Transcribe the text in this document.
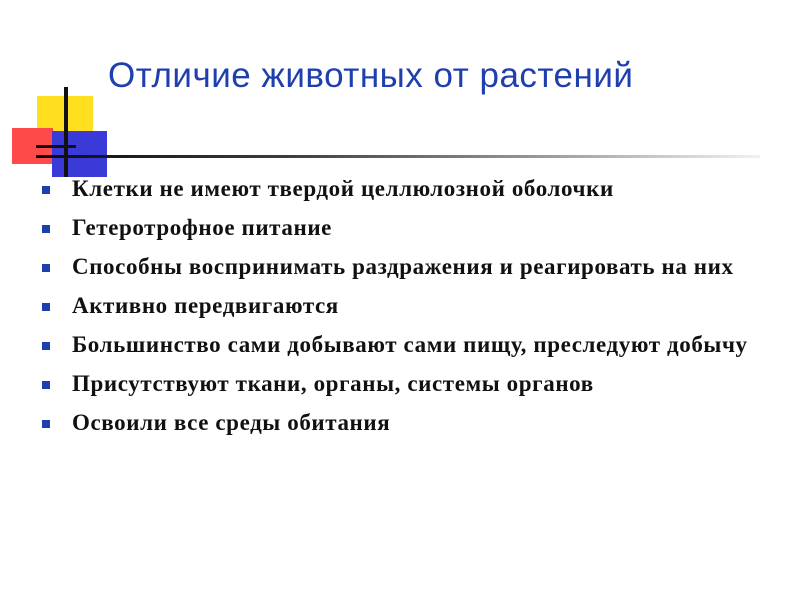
Отличие животных от растений
Клетки не имеют твердой целлюлозной оболочки
Гетеротрофное питание
Способны воспринимать раздражения и реагировать на них
Активно передвигаются
Большинство сами добывают сами пищу, преследуют добычу
Присутствуют ткани, органы, системы органов
Освоили все среды обитания
